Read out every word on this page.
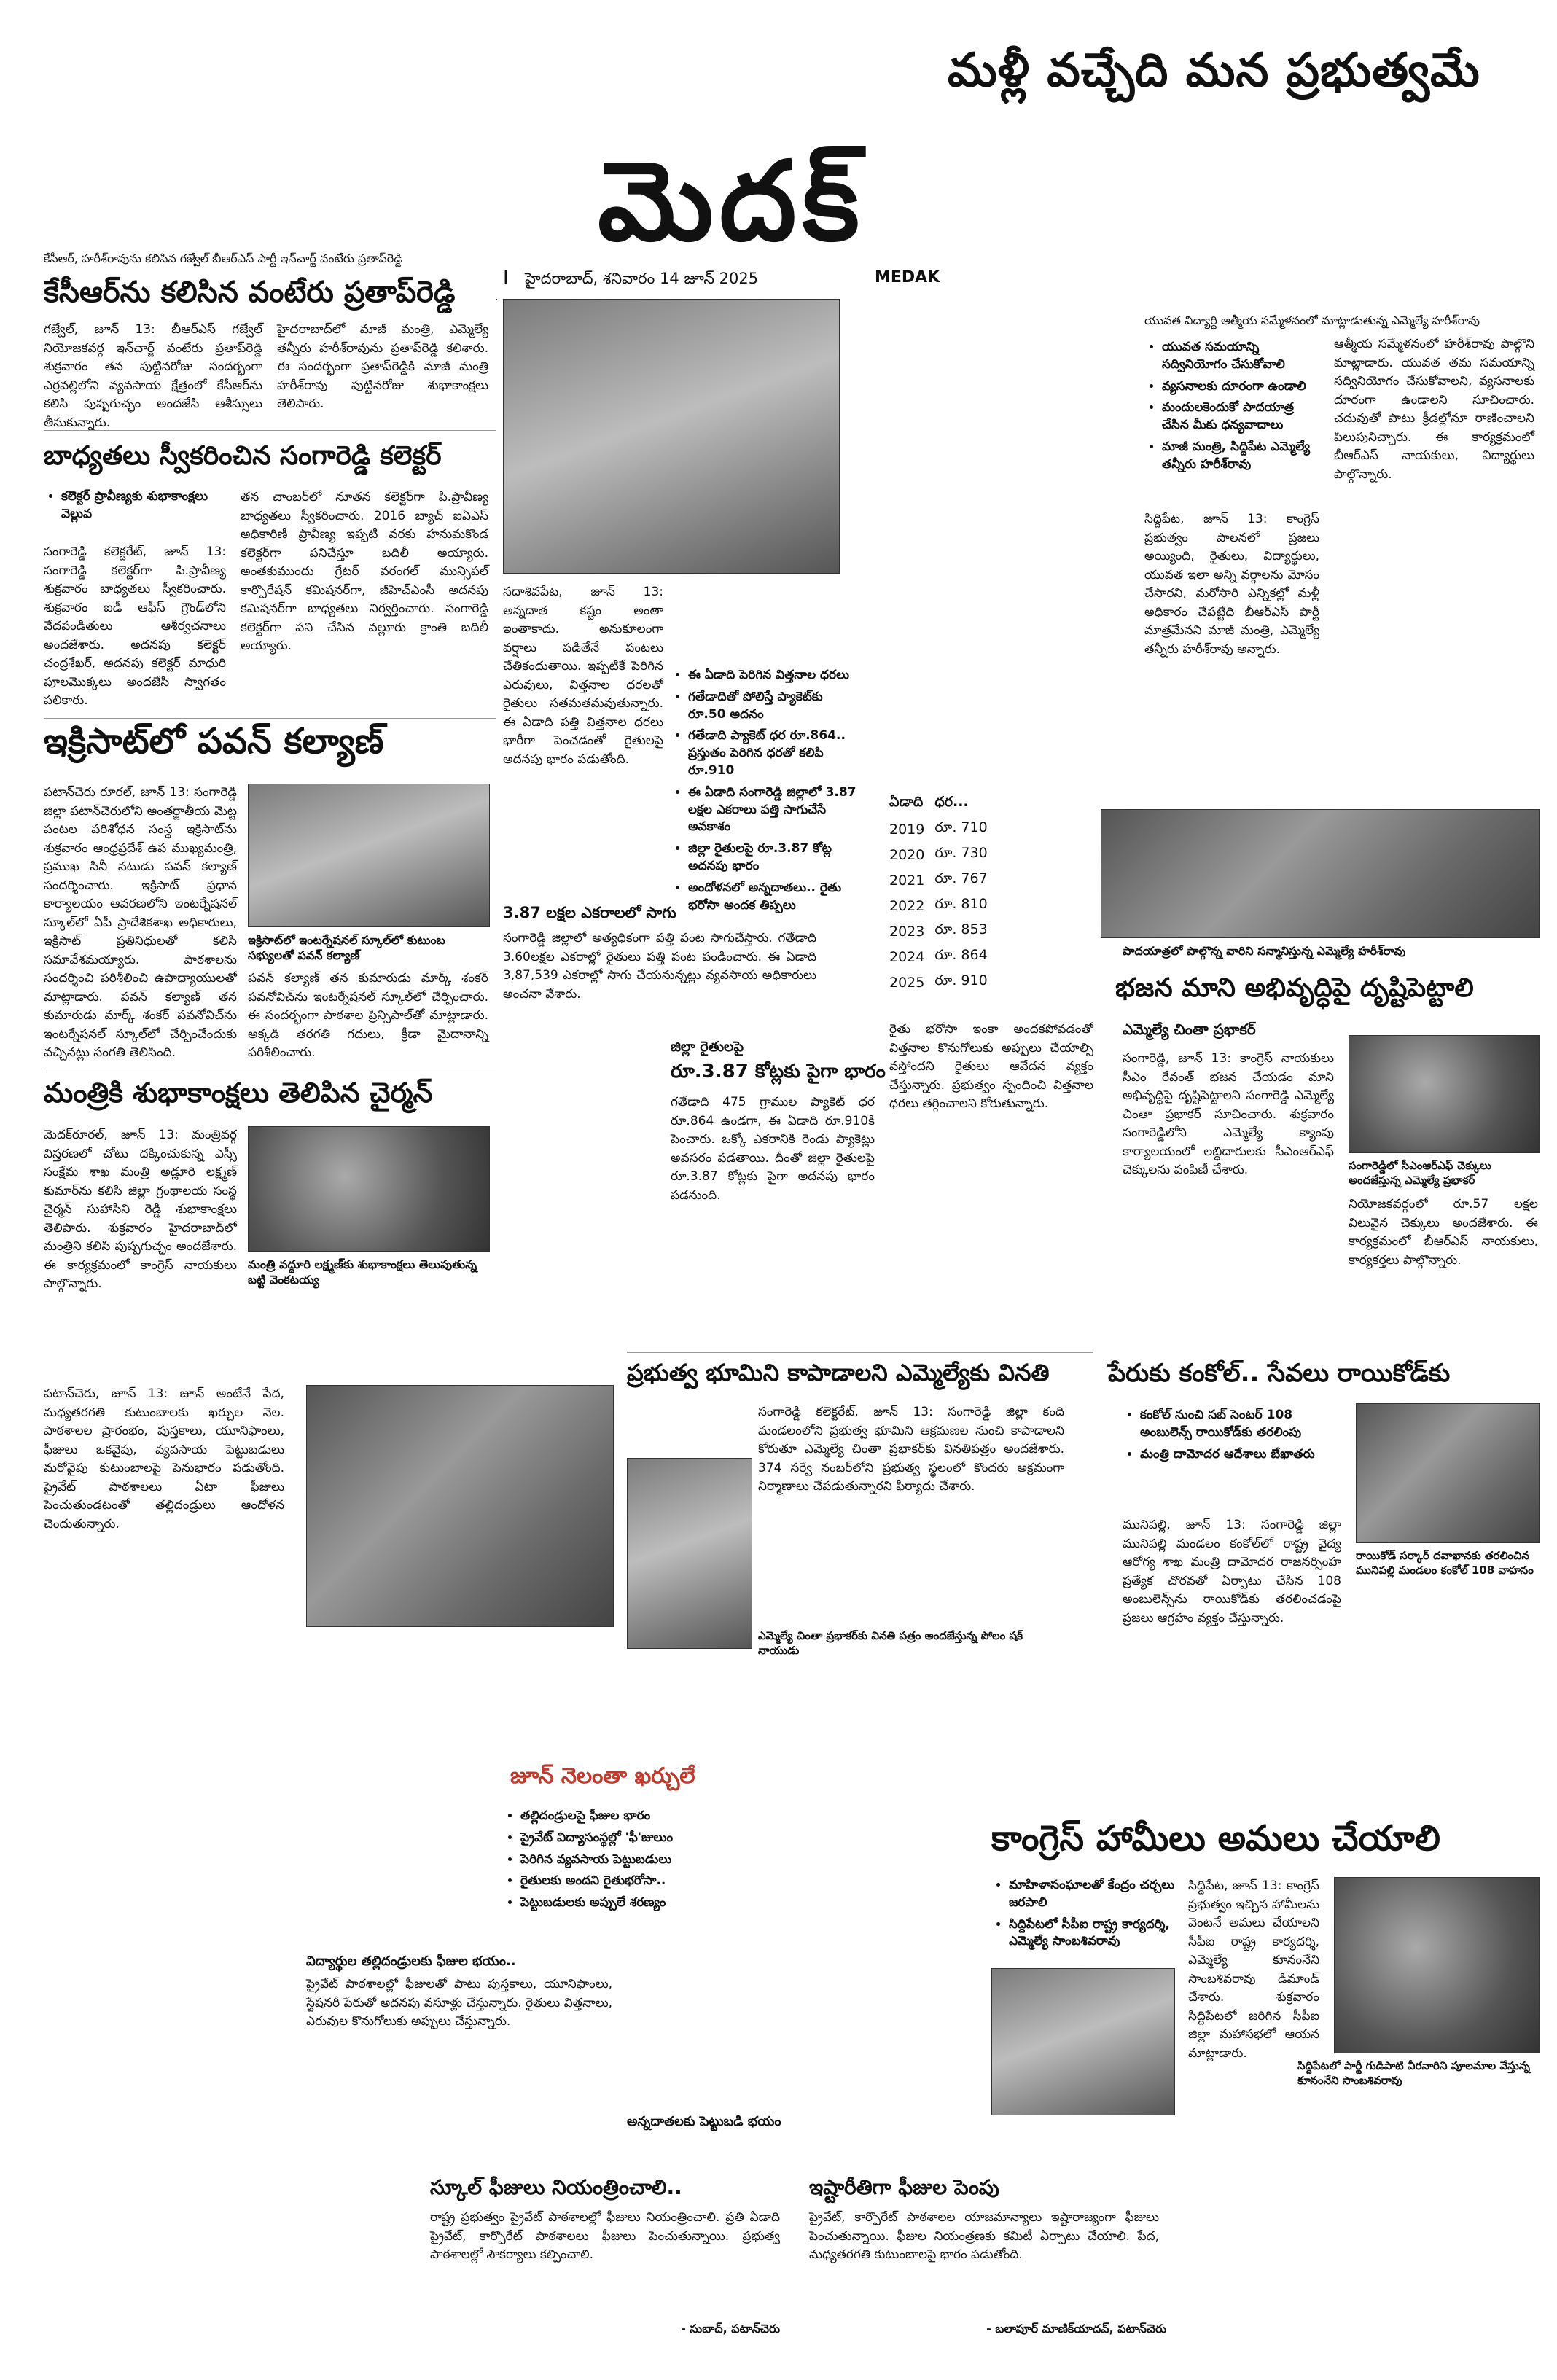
మళ్లీ వచ్చేది మన ప్రభుత్వమే
మెదక్
I హైదరాబాద్, శనివారం 14 జూన్ 2025	MEDAK
కేసీఆర్, హరీశ్‌రావును కలిసిన గజ్వేల్ బీఆర్ఎస్ పార్టీ ఇన్‌చార్జ్ వంటేరు ప్రతాప్‌రెడ్డి
కేసీఆర్‌ను కలిసిన వంటేరు ప్రతాప్‌రెడ్డి
గజ్వేల్, జూన్ 13: బీఆర్ఎస్ గజ్వేల్ నియోజకవర్గ ఇన్‌చార్జ్ వంటేరు ప్రతాప్‌రెడ్డి శుక్రవారం తన పుట్టినరోజు సందర్భంగా ఎర్రవల్లిలోని వ్యవసాయ క్షేత్రంలో కేసీఆర్‌ను కలిసి పుష్పగుచ్ఛం అందజేసి ఆశీస్సులు తీసుకున్నారు.
హైదరాబాద్‌లో మాజీ మంత్రి, ఎమ్మెల్యే తన్నీరు హరీశ్‌రావును ప్రతాప్‌రెడ్డి కలిశారు. ఈ సందర్భంగా ప్రతాప్‌రెడ్డికి మాజీ మంత్రి హరీశ్‌రావు పుట్టినరోజు శుభాకాంక్షలు తెలిపారు.
బాధ్యతలు స్వీకరించిన సంగారెడ్డి కలెక్టర్
• కలెక్టర్ ప్రావీణ్యకు శుభాకాంక్షలు వెల్లువ
సంగారెడ్డి కలెక్టరేట్, జూన్ 13: సంగారెడ్డి కలెక్టర్‌గా పి.ప్రావీణ్య శుక్రవారం బాధ్యతలు స్వీకరించారు. శుక్రవారం ఐడీ ఆఫీస్ గ్రౌండ్‌లోని వేదపండితులు ఆశీర్వచనాలు అందజేశారు. అదనపు కలెక్టర్ చంద్రశేఖర్, అదనపు కలెక్టర్ మాధురి పూలమొక్కలు అందజేసి స్వాగతం పలికారు.
తన చాంబర్‌లో నూతన కలెక్టర్‌గా పి.ప్రావీణ్య బాధ్యతలు స్వీకరించారు. 2016 బ్యాచ్ ఐఏఎస్ అధికారిణి ప్రావీణ్య ఇప్పటి వరకు హనుమకొండ కలెక్టర్‌గా పనిచేస్తూ బదిలీ అయ్యారు. అంతకుముందు గ్రేటర్ వరంగల్ మున్సిపల్ కార్పొరేషన్ కమిషనర్‌గా, జీహెచ్ఎంసీ అదనపు కమిషనర్‌గా బాధ్యతలు నిర్వర్తించారు. సంగారెడ్డి కలెక్టర్‌గా పని చేసిన వల్లూరు క్రాంతి బదిలీ అయ్యారు.
ఇక్రిసాట్‌లో పవన్ కల్యాణ్
పటాన్‌చెరు రూరల్, జూన్ 13: సంగారెడ్డి జిల్లా పటాన్‌చెరులోని అంతర్జాతీయ మెట్ట పంటల పరిశోధన సంస్థ ఇక్రిసాట్‌ను శుక్రవారం ఆంధ్రప్రదేశ్ ఉప ముఖ్యమంత్రి, ప్రముఖ సినీ నటుడు పవన్ కల్యాణ్ సందర్శించారు. ఇక్రిసాట్ ప్రధాన కార్యాలయం ఆవరణలోని ఇంటర్నేషనల్ స్కూల్‌లో ఏపీ ప్రాదేశికశాఖ అధికారులు, ఇక్రిసాట్ ప్రతినిధులతో కలిసి సమావేశమయ్యారు. పాఠశాలను సందర్శించి పరిశీలించి ఉపాధ్యాయులతో మాట్లాడారు. పవన్ కల్యాణ్ తన కుమారుడు మార్క్ శంకర్ పవనోవిచ్‌ను ఇంటర్నేషనల్ స్కూల్‌లో చేర్పించేందుకు వచ్చినట్లు సంగతి తెలిసింది.
ఇక్రిసాట్‌లో ఇంటర్నేషనల్ స్కూల్‌లో కుటుంబ సభ్యులతో పవన్ కల్యాణ్
పవన్ కల్యాణ్ తన కుమారుడు మార్క్ శంకర్ పవనోవిచ్‌ను ఇంటర్నేషనల్ స్కూల్‌లో చేర్పించారు. ఈ సందర్భంగా పాఠశాల ప్రిన్సిపాల్‌తో మాట్లాడారు. అక్కడి తరగతి గదులు, క్రీడా మైదానాన్ని పరిశీలించారు.
మంత్రికి శుభాకాంక్షలు తెలిపిన చైర్మన్
మెదక్‌రూరల్, జూన్ 13: మంత్రివర్గ విస్తరణలో చోటు దక్కించుకున్న ఎస్సీ సంక్షేమ శాఖ మంత్రి అడ్లూరి లక్ష్మణ్ కుమార్‌ను కలిసి జిల్లా గ్రంథాలయ సంస్థ చైర్మన్ సుహాసిని రెడ్డి శుభాకాంక్షలు తెలిపారు. శుక్రవారం హైదరాబాద్‌లో మంత్రిని కలిసి పుష్పగుచ్ఛం అందజేశారు. ఈ కార్యక్రమంలో కాంగ్రెస్ నాయకులు పాల్గొన్నారు.
మంత్రి వద్దూరి లక్ష్మణ్‌కు శుభాకాంక్షలు తెలుపుతున్న బట్టి వెంకటయ్య
సదాశివపేట, జూన్ 13: అన్నదాత కష్టం అంతా ఇంతాకాదు. అనుకూలంగా వర్షాలు పడితేనే పంటలు చేతికందుతాయి. ఇప్పటికే పెరిగిన ఎరువులు, విత్తనాల ధరలతో రైతులు సతమతమవుతున్నారు. ఈ ఏడాది పత్తి విత్తనాల ధరలు భారీగా పెంచడంతో రైతులపై అదనపు భారం పడుతోంది.
• ఈ ఏడాది పెరిగిన విత్తనాల ధరలు
• గతేడాదితో పోలిస్తే ప్యాకెట్‌కు రూ.50 అదనం
• గతేడాది ప్యాకెట్ ధర రూ.864.. ప్రస్తుతం పెరిగిన ధరతో కలిపి రూ.910
• ఈ ఏడాది సంగారెడ్డి జిల్లాలో 3.87 లక్షల ఎకరాలు పత్తి సాగుచేసే అవకాశం
• జిల్లా రైతులపై రూ.3.87 కోట్ల అదనపు భారం
• అందోళనలో అన్నదాతలు.. రైతు భరోసా అందక తిప్పలు
3.87 లక్షల ఎకరాలలో సాగు
సంగారెడ్డి జిల్లాలో అత్యధికంగా పత్తి పంట సాగుచేస్తారు. గతేడాది 3.60లక్షల ఎకరాల్లో రైతులు పత్తి పంట పండించారు. ఈ ఏడాది 3,87,539 ఎకరాల్లో సాగు చేయనున్నట్లు వ్యవసాయ అధికారులు అంచనా వేశారు.
ఏడాది	ధర...
2019	రూ. 710
2020	రూ. 730
2021	రూ. 767
2022	రూ. 810
2023	రూ. 853
2024	రూ. 864
2025	రూ. 910
జిల్లా రైతులపై
రూ.3.87 కోట్లకు పైగా భారం
గతేడాది 475 గ్రాముల ప్యాకెట్ ధర రూ.864 ఉండగా, ఈ ఏడాది రూ.910కి పెంచారు. ఒక్కో ఎకరానికి రెండు ప్యాకెట్లు అవసరం పడతాయి. దీంతో జిల్లా రైతులపై రూ.3.87 కోట్లకు పైగా అదనపు భారం పడనుంది.
రైతు భరోసా ఇంకా అందకపోవడంతో విత్తనాల కొనుగోలుకు అప్పులు చేయాల్సి వస్తోందని రైతులు ఆవేదన వ్యక్తం చేస్తున్నారు. ప్రభుత్వం స్పందించి విత్తనాల ధరలు తగ్గించాలని కోరుతున్నారు.
యువత విద్యార్థి ఆత్మీయ సమ్మేళనంలో మాట్లాడుతున్న ఎమ్మెల్యే హరీశ్‌రావు
• యువత సమయాన్ని సద్వినియోగం చేసుకోవాలి
• వ్యసనాలకు దూరంగా ఉండాలి
• మందులకెందుకో పాదయాత్ర చేసిన మీకు ధన్యవాదాలు
• మాజీ మంత్రి, సిద్దిపేట ఎమ్మెల్యే తన్నీరు హరీశ్‌రావు
సిద్దిపేట, జూన్ 13: కాంగ్రెస్ ప్రభుత్వం పాలనలో ప్రజలు అయ్యింది, రైతులు, విద్యార్థులు, యువత ఇలా అన్ని వర్గాలను మోసం చేసారని, మరోసారి ఎన్నికల్లో మళ్లీ అధికారం చేపట్టేది బీఆర్ఎస్ పార్టీ మాత్రమేనని మాజీ మంత్రి, ఎమ్మెల్యే తన్నీరు హరీశ్‌రావు అన్నారు.
ఆత్మీయ సమ్మేళనంలో హరీశ్‌రావు పాల్గొని మాట్లాడారు. యువత తమ సమయాన్ని సద్వినియోగం చేసుకోవాలని, వ్యసనాలకు దూరంగా ఉండాలని సూచించారు. చదువుతో పాటు క్రీడల్లోనూ రాణించాలని పిలుపునిచ్చారు. ఈ కార్యక్రమంలో బీఆర్ఎస్ నాయకులు, విద్యార్థులు పాల్గొన్నారు.
పాదయాత్రలో పాల్గొన్న వారిని సన్మానిస్తున్న ఎమ్మెల్యే హరీశ్‌రావు
భజన మాని అభివృద్ధిపై దృష్టిపెట్టాలి
ఎమ్మెల్యే చింతా ప్రభాకర్
సంగారెడ్డి, జూన్ 13: కాంగ్రెస్ నాయకులు సీఎం రేవంత్ భజన చేయడం మాని అభివృద్ధిపై దృష్టిపెట్టాలని సంగారెడ్డి ఎమ్మెల్యే చింతా ప్రభాకర్ సూచించారు. శుక్రవారం సంగారెడ్డిలోని ఎమ్మెల్యే క్యాంపు కార్యాలయంలో లబ్ధిదారులకు సీఎంఆర్ఎఫ్ చెక్కులను పంపిణీ చేశారు.	సంగారెడ్డిలో సీఎంఆర్ఎఫ్ చెక్కులు అందజేస్తున్న ఎమ్మెల్యే ప్రభాకర్
నియోజకవర్గంలో రూ.57 లక్షల విలువైన చెక్కులు అందజేశారు. ఈ కార్యక్రమంలో బీఆర్ఎస్ నాయకులు, కార్యకర్తలు పాల్గొన్నారు.
ప్రభుత్వ భూమిని కాపాడాలని ఎమ్మెల్యేకు వినతి
సంగారెడ్డి కలెక్టరేట్, జూన్ 13: సంగారెడ్డి జిల్లా కంది మండలంలోని ప్రభుత్వ భూమిని ఆక్రమణల నుంచి కాపాడాలని కోరుతూ ఎమ్మెల్యే చింతా ప్రభాకర్‌కు వినతిపత్రం అందజేశారు. 374 సర్వే నంబర్‌లోని ప్రభుత్వ స్థలంలో కొందరు అక్రమంగా నిర్మాణాలు చేపడుతున్నారని ఫిర్యాదు చేశారు.
ఎమ్మెల్యే చింతా ప్రభాకర్‌కు వినతి పత్రం అందజేస్తున్న పోలం షక్‌ నాయుడు
పేరుకు కంకోల్.. సేవలు రాయికోడ్‌కు
• కంకోల్ నుంచి సబ్ సెంటర్ 108 అంబులెన్స్ రాయికోడ్‌కు తరలింపు
• మంత్రి దామోదర ఆదేశాలు బేఖాతరు
మునిపల్లి, జూన్ 13: సంగారెడ్డి జిల్లా మునిపల్లి మండలం కంకోల్‌లో రాష్ట్ర వైద్య ఆరోగ్య శాఖ మంత్రి దామోదర రాజనర్సింహ ప్రత్యేక చొరవతో ఏర్పాటు చేసిన 108 అంబులెన్స్‌ను రాయికోడ్‌కు తరలించడంపై ప్రజలు ఆగ్రహం వ్యక్తం చేస్తున్నారు.
రాయికోడ్ సర్కార్ దవాఖానకు తరలించిన మునిపల్లి మండలం కంకోల్ 108 వాహనం
పటాన్‌చెరు, జూన్ 13: జూన్ అంటేనే పేద, మధ్యతరగతి కుటుంబాలకు ఖర్చుల నెల. పాఠశాలల ప్రారంభం, పుస్తకాలు, యూనిఫాంలు, ఫీజులు ఒకవైపు, వ్యవసాయ పెట్టుబడులు మరోవైపు కుటుంబాలపై పెనుభారం పడుతోంది. ప్రైవేట్ పాఠశాలలు ఏటా ఫీజులు పెంచుతుండటంతో తల్లిదండ్రులు ఆందోళన చెందుతున్నారు.
జూన్ నెలంతా ఖర్చులే
• తల్లిదండ్రులపై ఫీజుల భారం
• ప్రైవేట్ విద్యాసంస్థల్లో 'ఫీ'జులుం
• పెరిగిన వ్యవసాయ పెట్టుబడులు
• రైతులకు అందని రైతుభరోసా..
• పెట్టుబడులకు అప్పులే శరణ్యం
విద్యార్థుల తల్లిదండ్రులకు ఫీజుల భయం..
ప్రైవేట్ పాఠశాలల్లో ఫీజులతో పాటు పుస్తకాలు, యూనిఫాంలు, స్టేషనరీ పేరుతో అదనపు వసూళ్లు చేస్తున్నారు. రైతులు విత్తనాలు, ఎరువుల కొనుగోలుకు అప్పులు చేస్తున్నారు.
అన్నదాతలకు పెట్టుబడి భయం
కాంగ్రెస్ హామీలు అమలు చేయాలి
• మాహిళాసంఘాలతో కేంద్రం చర్చలు జరపాలి
• సిద్దిపేటలో సీపీఐ రాష్ట్ర కార్యదర్శి, ఎమ్మెల్యే సాంబశివరావు
సిద్దిపేట, జూన్ 13: కాంగ్రెస్ ప్రభుత్వం ఇచ్చిన హామీలను వెంటనే అమలు చేయాలని సీపీఐ రాష్ట్ర కార్యదర్శి, ఎమ్మెల్యే కూనంనేని సాంబశివరావు డిమాండ్ చేశారు. శుక్రవారం సిద్దిపేటలో జరిగిన సీపీఐ జిల్లా మహాసభలో ఆయన మాట్లాడారు.
సిద్దిపేటలో పార్టీ గుడిపాటి వీరనారిని పూలమాల వేస్తున్న కూనంనేని సాంబశివరావు
స్కూల్ ఫీజులు నియంత్రించాలి..
రాష్ట్ర ప్రభుత్వం ప్రైవేట్ పాఠశాలల్లో ఫీజులు నియంత్రించాలి. ప్రతి ఏడాది ప్రైవేట్, కార్పొరేట్ పాఠశాలలు ఫీజులు పెంచుతున్నాయి. ప్రభుత్వ పాఠశాలల్లో సౌకర్యాలు కల్పించాలి.
- సుబాద్, పటాన్‌చెరు
ఇష్టారీతిగా ఫీజుల పెంపు
ప్రైవేట్, కార్పొరేట్ పాఠశాలల యాజమాన్యాలు ఇష్టారాజ్యంగా ఫీజులు పెంచుతున్నాయి. ఫీజుల నియంత్రణకు కమిటీ ఏర్పాటు చేయాలి. పేద, మధ్యతరగతి కుటుంబాలపై భారం పడుతోంది.
- బలాపూర్ మాణిక్‌యాదవ్, పటాన్‌చెరు
